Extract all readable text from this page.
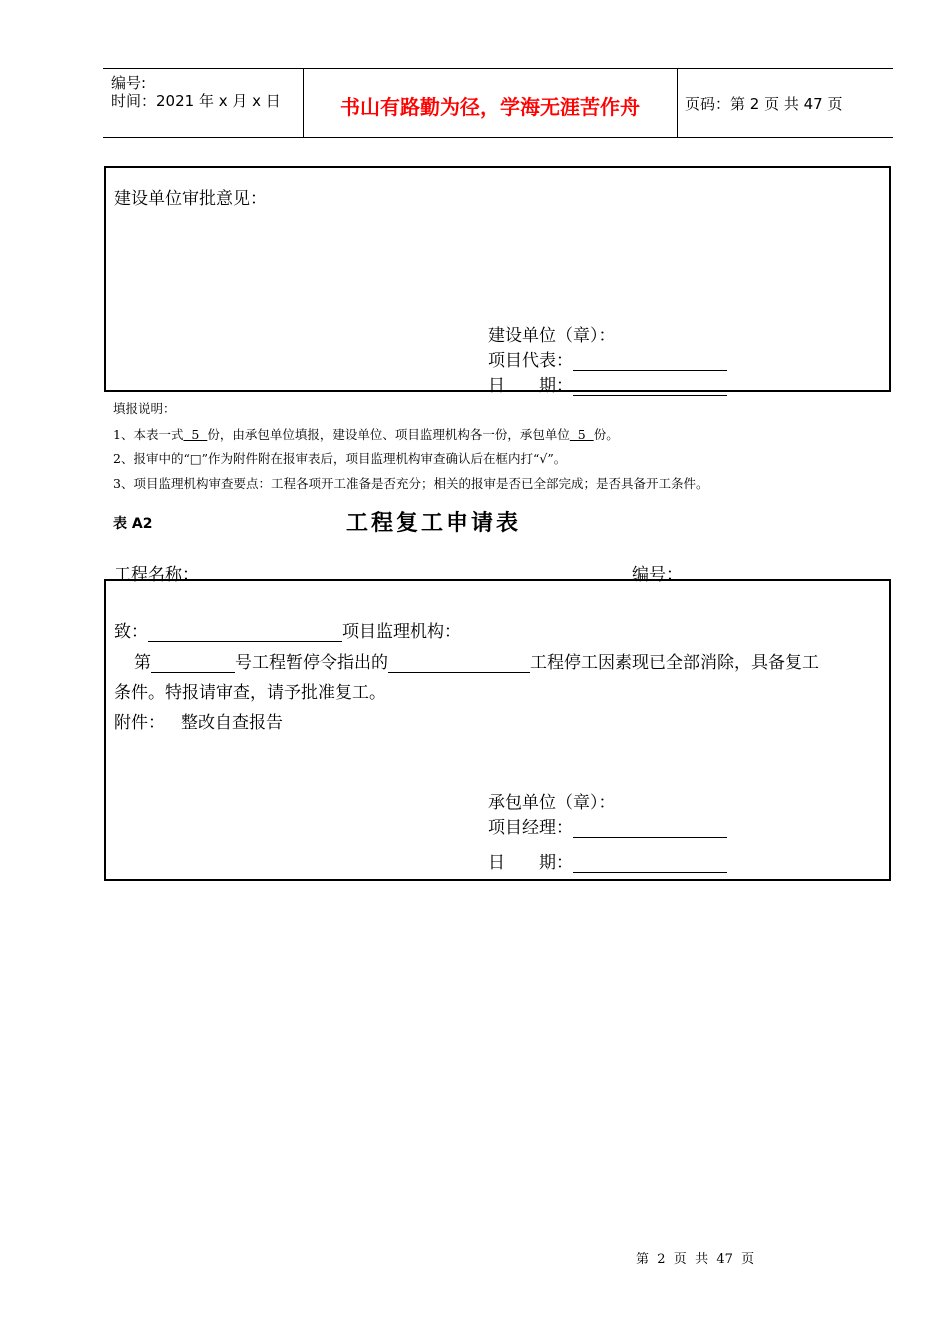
编号:
时间：2021 年 x 月 x 日	书山有路勤为径，学海无涯苦作舟	页码：第 2 页 共 47 页
建设单位审批意见：
建设单位（章）：
项目代表：
日　　期：
填报说明：
1、本表一式  5  份，由承包单位填报，建设单位、项目监理机构各一份，承包单位  5  份。
2、报审中的“□”作为附件附在报审表后，项目监理机构审查确认后在框内打“√”。
3、项目监理机构审查要点：工程各项开工准备是否充分；相关的报审是否已全部完成；是否具备开工条件。
表 A2	工程复工申请表
工程名称：	编号：
致：	项目监理机构：
第	号工程暂停令指出的	工程停工因素现已全部消除，具备复工
条件。特报请审查，请予批准复工。
附件： 整改自查报告
承包单位（章）：
项目经理：
日　　期：
第  2  页  共  47  页
